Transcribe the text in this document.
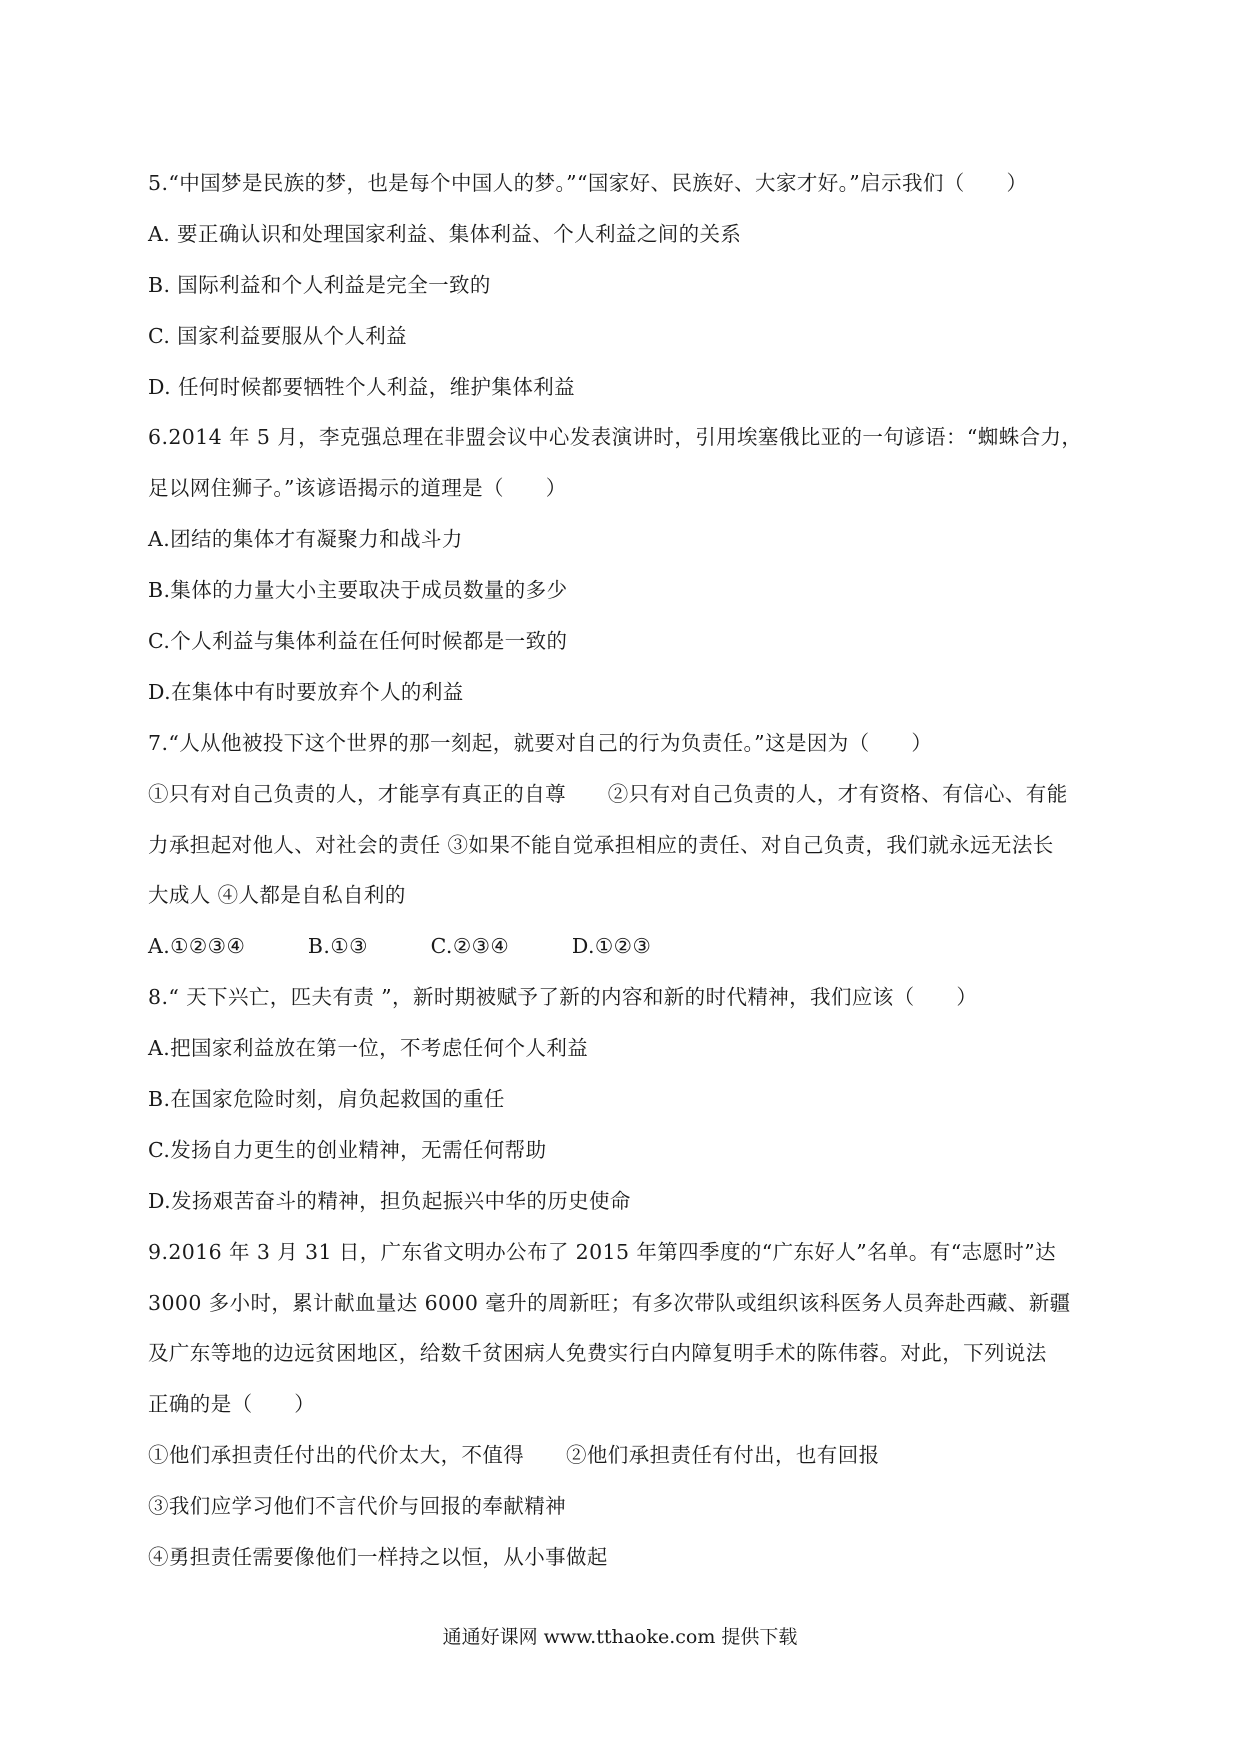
5.“中国梦是民族的梦，也是每个中国人的梦。”“国家好、民族好、大家才好。”启示我们（　　）
A. 要正确认识和处理国家利益、集体利益、个人利益之间的关系
B. 国际利益和个人利益是完全一致的
C. 国家利益要服从个人利益
D. 任何时候都要牺牲个人利益，维护集体利益
6.2014 年 5 月，李克强总理在非盟会议中心发表演讲时，引用埃塞俄比亚的一句谚语：“蜘蛛合力，
足以网住狮子。”该谚语揭示的道理是（　　）
A.团结的集体才有凝聚力和战斗力
B.集体的力量大小主要取决于成员数量的多少
C.个人利益与集体利益在任何时候都是一致的
D.在集体中有时要放弃个人的利益
7.“人从他被投下这个世界的那一刻起，就要对自己的行为负责任。”这是因为（　　）
①只有对自己负责的人，才能享有真正的自尊　　②只有对自己负责的人，才有资格、有信心、有能
力承担起对他人、对社会的责任 ③如果不能自觉承担相应的责任、对自己负责，我们就永远无法长
大成人 ④人都是自私自利的
A.①②③④　　　B.①③　　　C.②③④　　　D.①②③
8.“ 天下兴亡，匹夫有责 ”，新时期被赋予了新的内容和新的时代精神，我们应该（　　）
A.把国家利益放在第一位，不考虑任何个人利益
B.在国家危险时刻，肩负起救国的重任
C.发扬自力更生的创业精神，无需任何帮助
D.发扬艰苦奋斗的精神，担负起振兴中华的历史使命
9.2016 年 3 月 31 日，广东省文明办公布了 2015 年第四季度的“广东好人”名单。有“志愿时”达
3000 多小时，累计献血量达 6000 毫升的周新旺；有多次带队或组织该科医务人员奔赴西藏、新疆
及广东等地的边远贫困地区，给数千贫困病人免费实行白内障复明手术的陈伟蓉。对此，下列说法
正确的是（　　）
①他们承担责任付出的代价太大，不值得　　②他们承担责任有付出，也有回报
③我们应学习他们不言代价与回报的奉献精神
④勇担责任需要像他们一样持之以恒，从小事做起
通通好课网 www.tthaoke.com 提供下载
